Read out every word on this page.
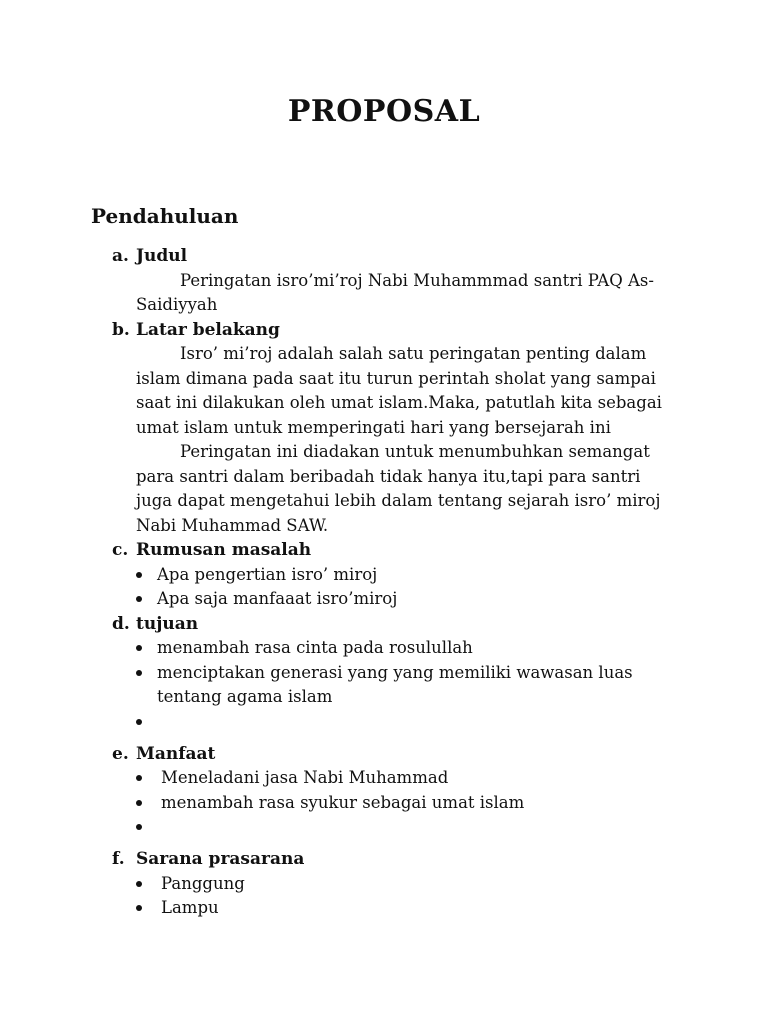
PROPOSAL
Pendahuluan
a. Judul

Peringatan isro’mi’roj Nabi Muhammmad santri PAQ As-Saidiyyah

b. Latar belakang

Isro’ mi’roj adalah salah satu peringatan penting dalam islam dimana pada saat itu turun perintah sholat yang sampai saat ini dilakukan oleh umat islam.Maka, patutlah kita sebagai umat islam untuk memperingati hari yang bersejarah ini

Peringatan ini diadakan untuk menumbuhkan semangat para santri dalam beribadah tidak hanya itu,tapi para santri juga dapat mengetahui lebih dalam tentang sejarah isro’ miroj Nabi Muhammad SAW.

c. Rumusan masalah
Apa pengertian isro’ miroj
Apa saja manfaaat isro’miroj
d. tujuan
menambah rasa cinta pada rosulullah
menciptakan generasi yang yang memiliki wawasan luas tentang agama islam
e. Manfaat
Meneladani jasa Nabi Muhammad
menambah rasa syukur sebagai umat islam
f. Sarana prasarana
Panggung
Lampu
